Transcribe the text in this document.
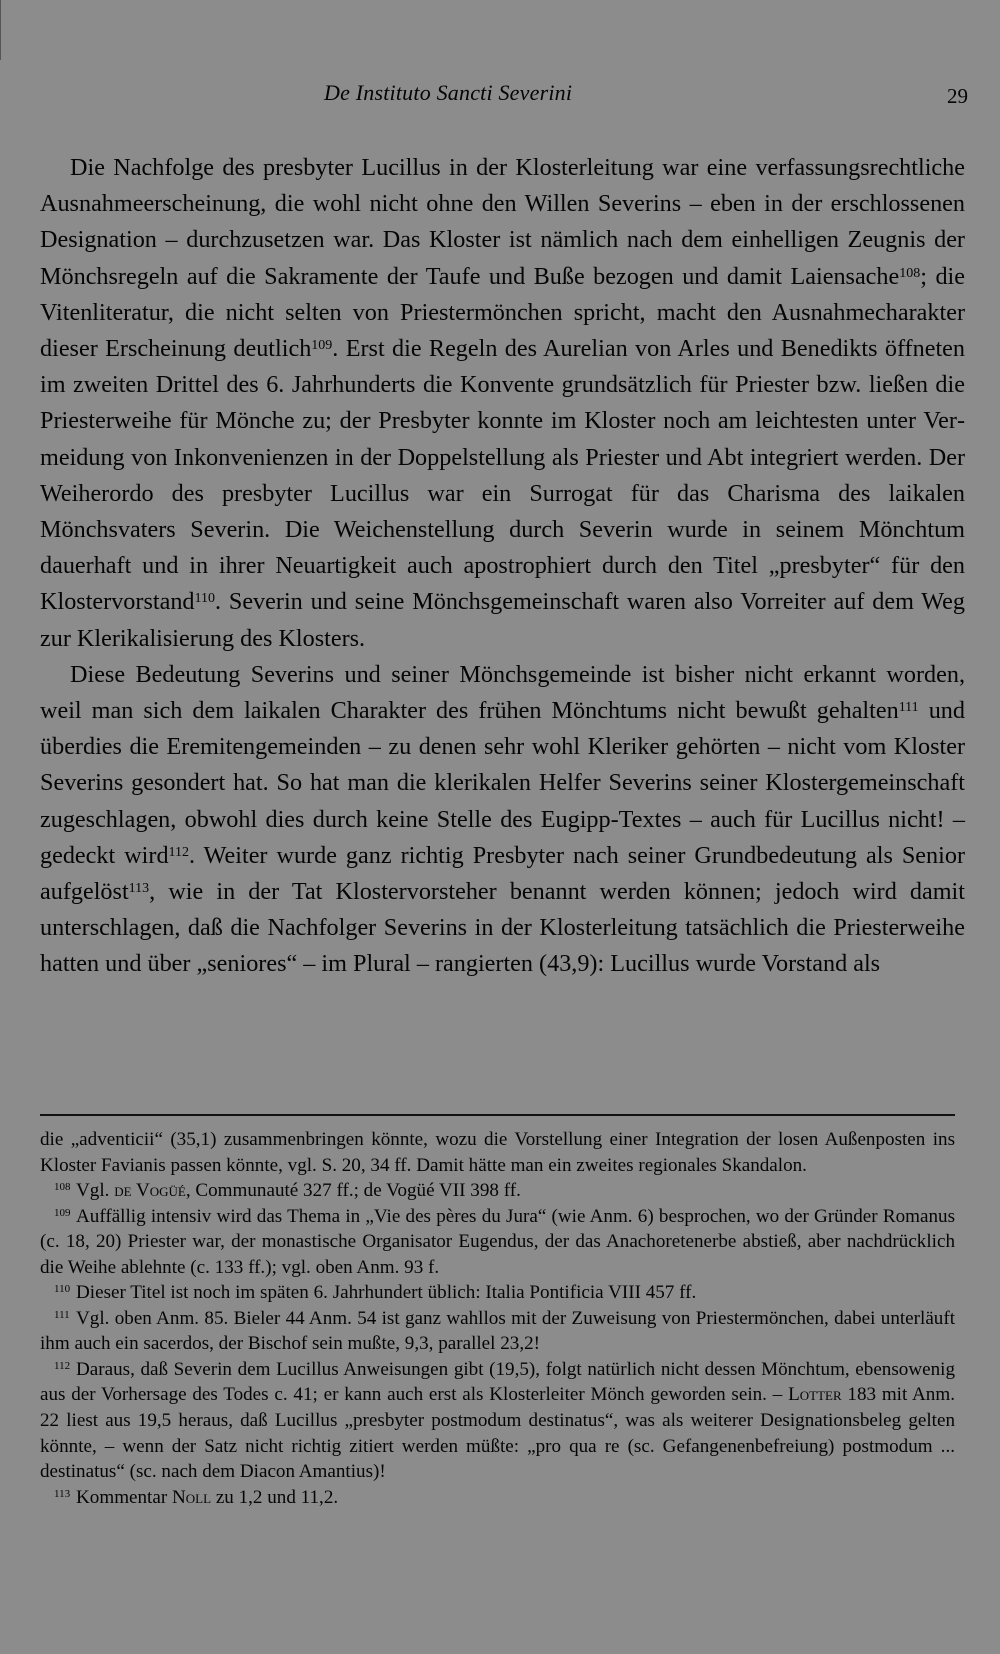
De Instituto Sancti Severini	29

Die Nachfolge des presbyter Lucillus in der Klosterleitung war eine verfassungsrechtliche Ausnahmeerscheinung, die wohl nicht ohne den Willen Severins – eben in der erschlossenen Designation – durchzusetzen war. Das Kloster ist nämlich nach dem einhelligen Zeugnis der Mönchsregeln auf die Sakramente der Taufe und Buße bezogen und damit Laiensache$^{108}$; die Vitenliteratur, die nicht selten von Priestermönchen spricht, macht den Ausnahmecharakter dieser Erscheinung deutlich$^{109}$. Erst die Regeln des Aurelian von Arles und Benedikts öffneten im zweiten Drittel des 6. Jahrhunderts die Konvente grundsätzlich für Priester bzw. ließen die Priesterweihe für Mönche zu; der Presbyter konnte im Kloster noch am leichtesten unter Vermeidung von Inkonvenienzen in der Doppelstellung als Priester und Abt integriert werden. Der Weiherordo des presbyter Lucillus war ein Surrogat für das Charisma des laikalen Mönchsvaters Severin. Die Weichenstellung durch Severin wurde in seinem Mönchtum dauerhaft und in ihrer Neuartigkeit auch apostrophiert durch den Titel „presbyter“ für den Klostervorstand$^{110}$. Severin und seine Mönchsgemeinschaft waren also Vorreiter auf dem Weg zur Klerikalisierung des Klosters.

Diese Bedeutung Severins und seiner Mönchsgemeinde ist bisher nicht erkannt worden, weil man sich dem laikalen Charakter des frühen Mönchtums nicht bewußt gehalten$^{111}$ und überdies die Eremitengemeinden – zu denen sehr wohl Kleriker gehörten – nicht vom Kloster Severins gesondert hat. So hat man die klerikalen Helfer Severins seiner Klostergemeinschaft zugeschlagen, obwohl dies durch keine Stelle des Eugipp-Textes – auch für Lucillus nicht! – gedeckt wird$^{112}$. Weiter wurde ganz richtig Presbyter nach seiner Grundbedeutung als Senior aufgelöst$^{113}$, wie in der Tat Klostervorsteher benannt werden können; jedoch wird damit unterschlagen, daß die Nachfolger Severins in der Klosterleitung tatsächlich die Priesterweihe hatten und über „seniores“ – im Plural – rangierten (43,9): Lucillus wurde Vorstand als

die „adventicii“ (35,1) zusammenbringen könnte, wozu die Vorstellung einer Integration der losen Außenposten ins Kloster Favianis passen könnte, vgl. S. 20, 34 ff. Damit hätte man ein zweites regionales Skandalon.

108 Vgl. de Vogüé, Communauté 327 ff.; de Vogüé VII 398 ff.

109 Auffällig intensiv wird das Thema in „Vie des pères du Jura“ (wie Anm. 6) besprochen, wo der Gründer Romanus (c. 18, 20) Priester war, der monastische Organisator Eugendus, der das Anachoretenerbe abstieß, aber nachdrücklich die Weihe ablehnte (c. 133 ff.); vgl. oben Anm. 93 f.

110 Dieser Titel ist noch im späten 6. Jahrhundert üblich: Italia Pontificia VIII 457 ff.

111 Vgl. oben Anm. 85. Bieler 44 Anm. 54 ist ganz wahllos mit der Zuweisung von Priestermönchen, dabei unterläuft ihm auch ein sacerdos, der Bischof sein mußte, 9,3, parallel 23,2!

112 Daraus, daß Severin dem Lucillus Anweisungen gibt (19,5), folgt natürlich nicht dessen Mönchtum, ebensowenig aus der Vorhersage des Todes c. 41; er kann auch erst als Klosterleiter Mönch geworden sein. – Lotter 183 mit Anm. 22 liest aus 19,5 heraus, daß Lucillus „presbyter postmodum destinatus“, was als weiterer Designationsbeleg gelten könnte, – wenn der Satz nicht richtig zitiert werden müßte: „pro qua re (sc. Gefangenenbefreiung) postmodum ... destinatus“ (sc. nach dem Diacon Amantius)!

113 Kommentar Noll zu 1,2 und 11,2.
